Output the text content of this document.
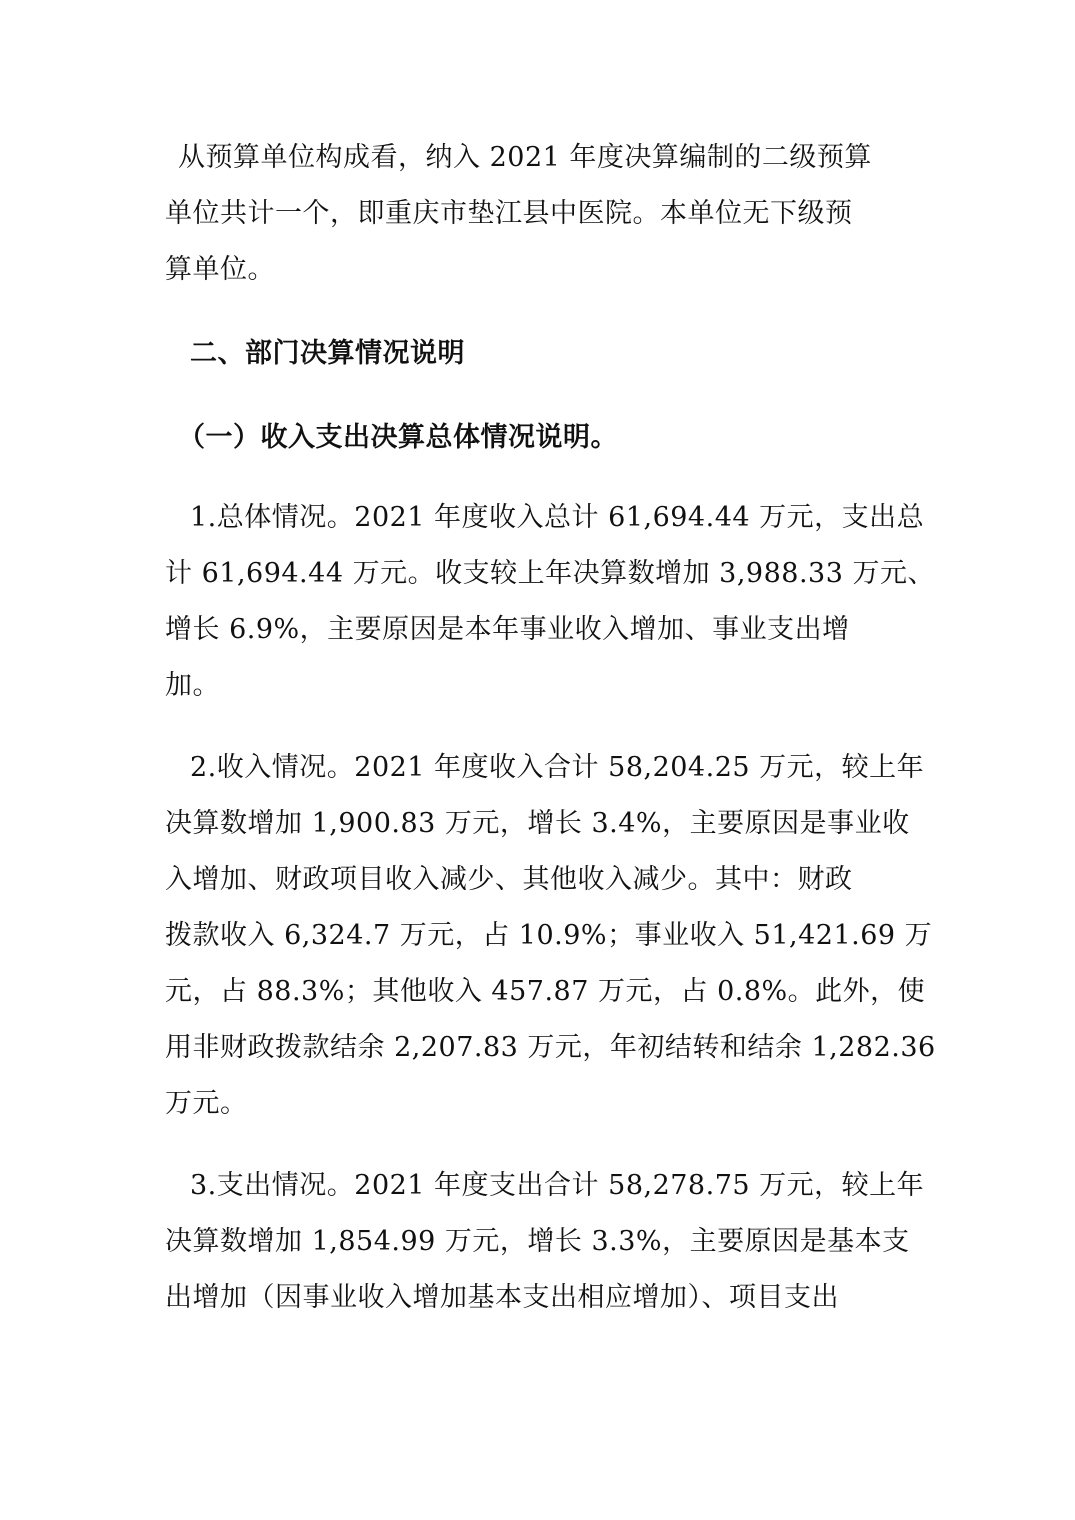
从预算单位构成看，纳入 2021 年度决算编制的二级预算
单位共计一个，即重庆市垫江县中医院。本单位无下级预
算单位。
二、部门决算情况说明
（一）收入支出决算总体情况说明。
1.总体情况。2021 年度收入总计 61,694.44 万元，支出总
计 61,694.44 万元。收支较上年决算数增加 3,988.33 万元、
增长 6.9%，主要原因是本年事业收入增加、事业支出增
加。
2.收入情况。2021 年度收入合计 58,204.25 万元，较上年
决算数增加 1,900.83 万元，增长 3.4%，主要原因是事业收
入增加、财政项目收入减少、其他收入减少。其中：财政
拨款收入 6,324.7 万元，占 10.9%；事业收入 51,421.69 万
元，占 88.3%；其他收入 457.87 万元，占 0.8%。此外，使
用非财政拨款结余 2,207.83 万元，年初结转和结余 1,282.36
万元。
3.支出情况。2021 年度支出合计 58,278.75 万元，较上年
决算数增加 1,854.99 万元，增长 3.3%，主要原因是基本支
出增加（因事业收入增加基本支出相应增加）、项目支出
